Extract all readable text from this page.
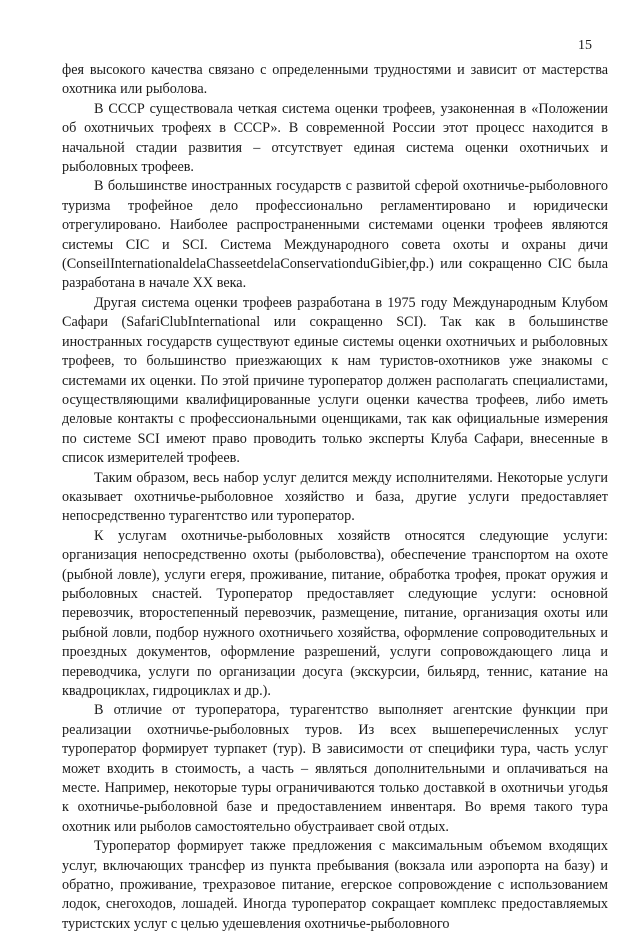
15

фея высокого качества связано с определенными трудностями и зависит от мастерства охотника или рыболова.

В СССР существовала четкая система оценки трофеев, узаконенная в «Положении об охотничьих трофеях в СССР». В современной России этот процесс находится в начальной стадии развития – отсутствует единая система оценки охотничьих и рыболовных трофеев.

В большинстве иностранных государств с развитой сферой охотничье-рыболовного туризма трофейное дело профессионально регламентировано и юридически отрегулировано. Наиболее распространенными системами оценки трофеев являются системы CIC и SCI. Система Международного совета охоты и охраны дичи (ConseilInternationaldelaChasseetdelaConservationduGibier,фр.) или сокращенно CIC была разработана в начале XX века.

Другая система оценки трофеев разработана в 1975 году Международным Клубом Сафари (SafariClubInternational или сокращенно SCI). Так как в большинстве иностранных государств существуют единые системы оценки охотничьих и рыболовных трофеев, то большинство приезжающих к нам туристов-охотников уже знакомы с системами их оценки. По этой причине туроператор должен располагать специалистами, осуществляющими квалифицированные услуги оценки качества трофеев, либо иметь деловые контакты с профессиональными оценщиками, так как официальные измерения по системе SCI имеют право проводить только эксперты Клуба Сафари, внесенные в список измерителей трофеев.

Таким образом, весь набор услуг делится между исполнителями. Некоторые услуги оказывает охотничье-рыболовное хозяйство и база, другие услуги предоставляет непосредственно турагентство или туроператор.

К услугам охотничье-рыболовных хозяйств относятся следующие услуги: организация непосредственно охоты (рыболовства), обеспечение транспортом на охоте (рыбной ловле), услуги егеря, проживание, питание, обработка трофея, прокат оружия и рыболовных снастей. Туроператор предоставляет следующие услуги: основной перевозчик, второстепенный перевозчик, размещение, питание, организация охоты или рыбной ловли, подбор нужного охотничьего хозяйства, оформление сопроводительных и проездных документов, оформление разрешений, услуги сопровождающего лица и переводчика, услуги по организации досуга (экскурсии, бильярд, теннис, катание на квадроциклах, гидроциклах и др.).

В отличие от туроператора, турагентство выполняет агентские функции при реализации охотничье-рыболовных туров. Из всех вышеперечисленных услуг туроператор формирует турпакет (тур). В зависимости от специфики тура, часть услуг может входить в стоимость, а часть – являться дополнительными и оплачиваться на месте. Например, некоторые туры ограничиваются только доставкой в охотничьи угодья к охотничье-рыболовной базе и предоставлением инвентаря. Во время такого тура охотник или рыболов самостоятельно обустраивает свой отдых.

Туроператор формирует также предложения с максимальным объемом входящих услуг, включающих трансфер из пункта пребывания (вокзала или аэропорта на базу) и обратно, проживание, трехразовое питание, егерское сопровождение с использованием лодок, снегоходов, лошадей. Иногда туроператор сокращает комплекс предоставляемых туристских услуг с целью удешевления охотничье-рыболовного
